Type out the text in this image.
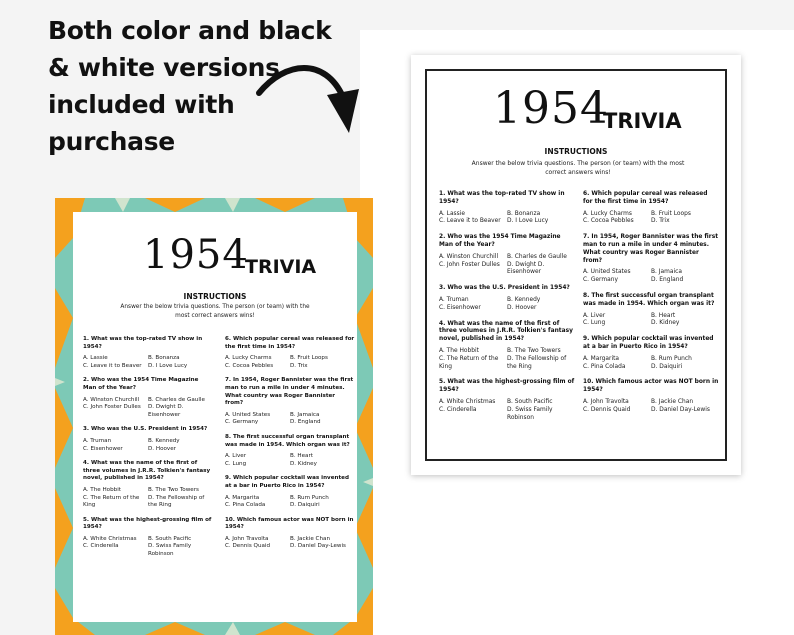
Both color and black
& white versions
included with
purchase
1954
TRIVIA
INSTRUCTIONS
Answer the below trivia questions. The person (or team) with the most correct answers wins!
1. What was the top-rated TV show in 1954?
A. Lassie	B. Bonanza
C. Leave it to Beaver	D. I Love Lucy
2. Who was the 1954 Time Magazine Man of the Year?
A. Winston Churchill	B. Charles de Gaulle
C. John Foster Dulles	D. Dwight D. Eisenhower
3. Who was the U.S. President in 1954?
A. Truman	B. Kennedy
C. Eisenhower	D. Hoover
4. What was the name of the first of three volumes in J.R.R. Tolkien's fantasy novel, published in 1954?
A. The Hobbit	B. The Two Towers
C. The Return of the King
D. The Fellowship of the Ring
5. What was the highest-grossing film of 1954?
A. White Christmas	B. South Pacific
C. Cinderella	D. Swiss Family Robinson
6. Which popular cereal was released for the first time in 1954?
A. Lucky Charms	B. Fruit Loops
C. Cocoa Pebbles	D. Trix
7. In 1954, Roger Bannister was the first man to run a mile in under 4 minutes. What country was Roger Bannister from?
A. United States	B. Jamaica
C. Germany	D. England
8. The first successful organ transplant was made in 1954. Which organ was it?
A. Liver	B. Heart
C. Lung	D. Kidney
9. Which popular cocktail was invented at a bar in Puerto Rico in 1954?
A. Margarita	B. Rum Punch
C. Pina Colada	D. Daiquiri
10. Which famous actor was NOT born in 1954?
A. John Travolta	B. Jackie Chan
C. Dennis Quaid	D. Daniel Day-Lewis
1954
TRIVIA
INSTRUCTIONS
Answer the below trivia questions. The person (or team) with the most correct answers wins!
1. What was the top-rated TV show in 1954?
A. Lassie	B. Bonanza
C. Leave it to Beaver	D. I Love Lucy
2. Who was the 1954 Time Magazine Man of the Year?
A. Winston Churchill	B. Charles de Gaulle
C. John Foster Dulles	D. Dwight D. Eisenhower
3. Who was the U.S. President in 1954?
A. Truman	B. Kennedy
C. Eisenhower	D. Hoover
4. What was the name of the first of three volumes in J.R.R. Tolkien's fantasy novel, published in 1954?
A. The Hobbit	B. The Two Towers
C. The Return of the King
D. The Fellowship of the Ring
5. What was the highest-grossing film of 1954?
A. White Christmas	B. South Pacific
C. Cinderella	D. Swiss Family Robinson
6. Which popular cereal was released for the first time in 1954?
A. Lucky Charms	B. Fruit Loops
C. Cocoa Pebbles	D. Trix
7. In 1954, Roger Bannister was the first man to run a mile in under 4 minutes. What country was Roger Bannister from?
A. United States	B. Jamaica
C. Germany	D. England
8. The first successful organ transplant was made in 1954. Which organ was it?
A. Liver	B. Heart
C. Lung	D. Kidney
9. Which popular cocktail was invented at a bar in Puerto Rico in 1954?
A. Margarita	B. Rum Punch
C. Pina Colada	D. Daiquiri
10. Which famous actor was NOT born in 1954?
A. John Travolta	B. Jackie Chan
C. Dennis Quaid	D. Daniel Day-Lewis
